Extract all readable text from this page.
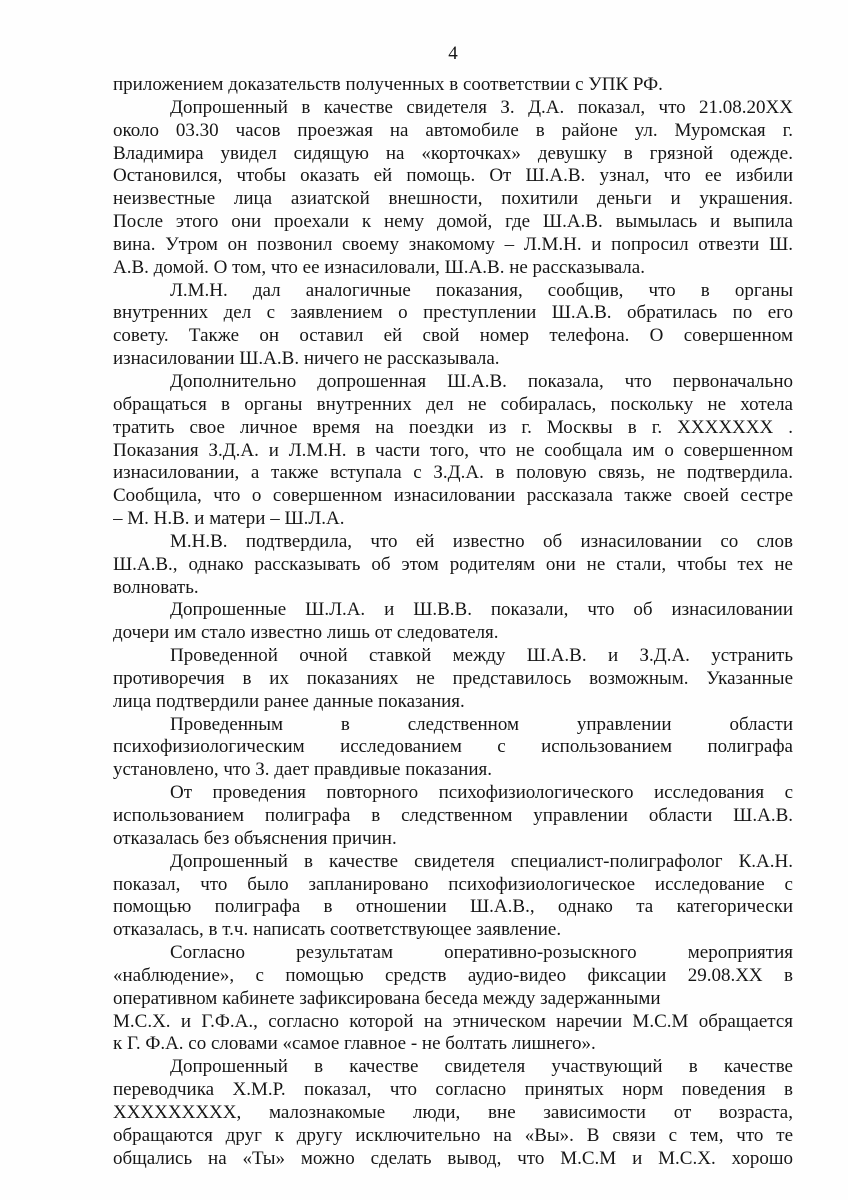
4
приложением доказательств полученных в соответствии с УПК РФ.
Допрошенный в качестве свидетеля З. Д.А. показал, что 21.08.20XX
около 03.30 часов проезжая на автомобиле в районе ул. Муромская г.
Владимира увидел сидящую на «корточках» девушку в грязной одежде.
Остановился, чтобы оказать ей помощь. От Ш.А.В. узнал, что ее избили
неизвестные лица азиатской внешности, похитили деньги и украшения.
После этого они проехали к нему домой, где Ш.А.В. вымылась и выпила
вина. Утром он позвонил своему знакомому – Л.М.Н. и попросил отвезти Ш.
А.В. домой. О том, что ее изнасиловали, Ш.А.В. не рассказывала.
Л.М.Н. дал аналогичные показания, сообщив, что в органы
внутренних дел с заявлением о преступлении Ш.А.В. обратилась по его
совету. Также он оставил ей свой номер телефона. О совершенном
изнасиловании Ш.А.В. ничего не рассказывала.
Дополнительно допрошенная Ш.А.В. показала, что первоначально
обращаться в органы внутренних дел не собиралась, поскольку не хотела
тратить свое личное время на поездки из г. Москвы в г. XXXXXXX .
Показания З.Д.А. и Л.М.Н. в части того, что не сообщала им о совершенном
изнасиловании, а также вступала с З.Д.А. в половую связь, не подтвердила.
Сообщила, что о совершенном изнасиловании рассказала также своей сестре
– М. Н.В. и матери – Ш.Л.А.
М.Н.В. подтвердила, что ей известно об изнасиловании со слов
Ш.А.В., однако рассказывать об этом родителям они не стали, чтобы тех не
волновать.
Допрошенные Ш.Л.А. и Ш.В.В. показали, что об изнасиловании
дочери им стало известно лишь от следователя.
Проведенной очной ставкой между Ш.А.В. и З.Д.А. устранить
противоречия в их показаниях не представилось возможным. Указанные
лица подтвердили ранее данные показания.
Проведенным в следственном управлении области
психофизиологическим исследованием с использованием полиграфа
установлено, что З. дает правдивые показания.
От проведения повторного психофизиологического исследования с
использованием полиграфа в следственном управлении области Ш.А.В.
отказалась без объяснения причин.
Допрошенный в качестве свидетеля специалист-полиграфолог К.А.Н.
показал, что было запланировано психофизиологическое исследование с
помощью полиграфа в отношении Ш.А.В., однако та категорически
отказалась, в т.ч. написать соответствующее заявление.
Согласно результатам оперативно-розыскного мероприятия
«наблюдение», с помощью средств аудио-видео фиксации 29.08.XX в
оперативном кабинете зафиксирована беседа между задержанными
М.С.Х. и Г.Ф.А., согласно которой на этническом наречии М.С.М обращается
к Г. Ф.А. со словами «самое главное - не болтать лишнего».
Допрошенный в качестве свидетеля участвующий в качестве
переводчика Х.М.Р. показал, что согласно принятых норм поведения в
XXXXXXXXX, малознакомые люди, вне зависимости от возраста,
обращаются друг к другу исключительно на «Вы». В связи с тем, что те
общались на «Ты» можно сделать вывод, что М.С.М и М.С.Х. хорошо
